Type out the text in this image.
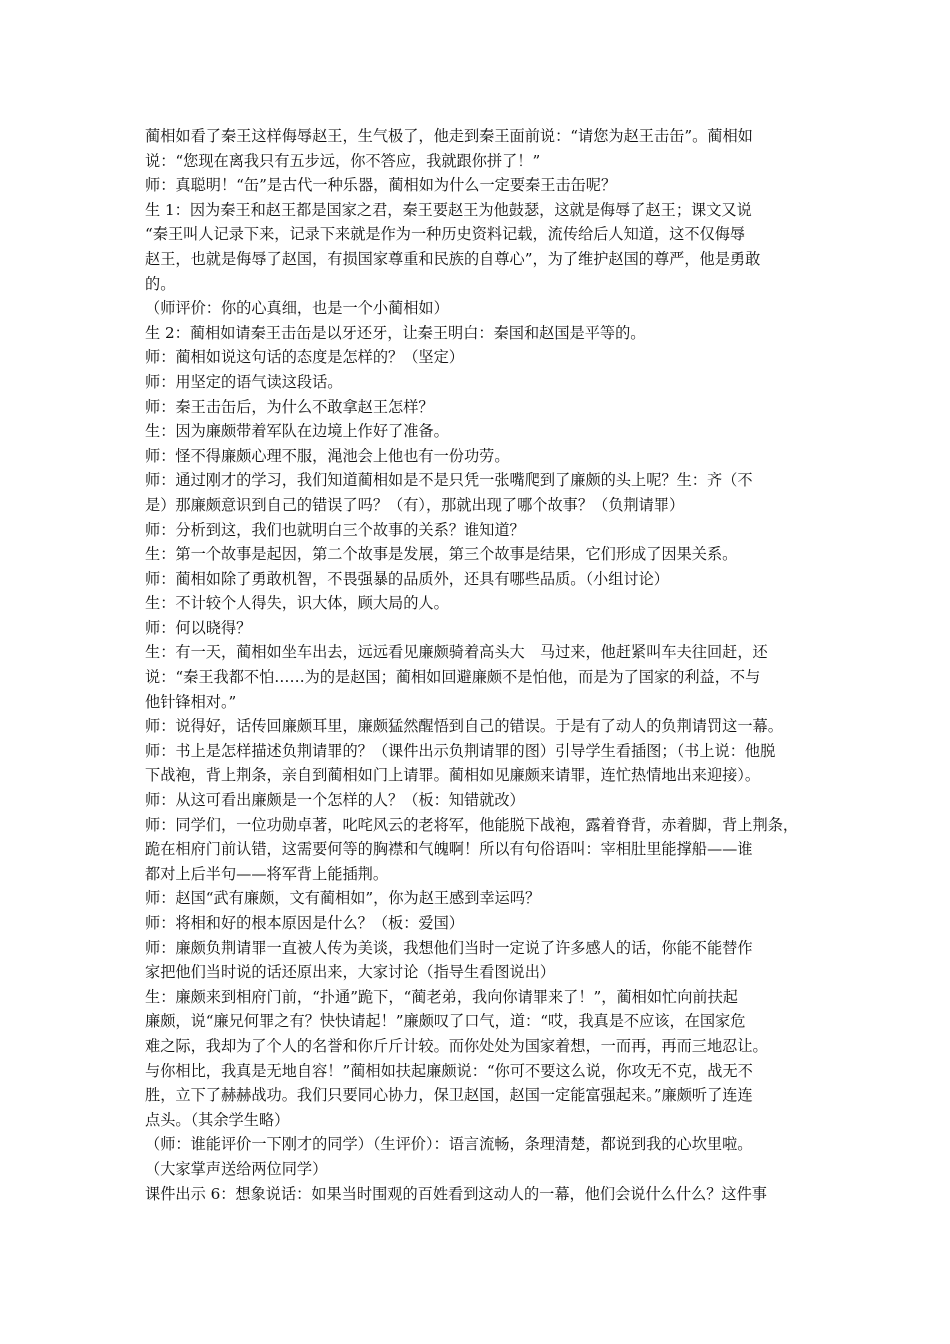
蔺相如看了秦王这样侮辱赵王，生气极了，他走到秦王面前说：“请您为赵王击缶”。蔺相如
说：“您现在离我只有五步远，你不答应，我就跟你拼了！”
师：真聪明！“缶”是古代一种乐器，蔺相如为什么一定要秦王击缶呢？
生 1：因为秦王和赵王都是国家之君，秦王要赵王为他鼓瑟，这就是侮辱了赵王；课文又说
“秦王叫人记录下来，记录下来就是作为一种历史资料记载，流传给后人知道，这不仅侮辱
赵王，也就是侮辱了赵国，有损国家尊重和民族的自尊心”，为了维护赵国的尊严，他是勇敢
的。
（师评价：你的心真细，也是一个小蔺相如）
生 2：蔺相如请秦王击缶是以牙还牙，让秦王明白：秦国和赵国是平等的。
师：蔺相如说这句话的态度是怎样的？（坚定）
师：用坚定的语气读这段话。
师：秦王击缶后，为什么不敢拿赵王怎样？
生：因为廉颇带着军队在边境上作好了准备。
师：怪不得廉颇心理不服，渑池会上他也有一份功劳。
师：通过刚才的学习，我们知道蔺相如是不是只凭一张嘴爬到了廉颇的头上呢？生：齐（不
是）那廉颇意识到自己的错误了吗？（有），那就出现了哪个故事？（负荆请罪）
师：分析到这，我们也就明白三个故事的关系？谁知道？
生：第一个故事是起因，第二个故事是发展，第三个故事是结果，它们形成了因果关系。
师：蔺相如除了勇敢机智，不畏强暴的品质外，还具有哪些品质。（小组讨论）
生：不计较个人得失，识大体，顾大局的人。
师：何以晓得？
生：有一天，蔺相如坐车出去，远远看见廉颇骑着高头大　马过来，他赶紧叫车夫往回赶，还
说：“秦王我都不怕……为的是赵国；蔺相如回避廉颇不是怕他，而是为了国家的利益，不与
他针锋相对。”
师：说得好，话传回廉颇耳里，廉颇猛然醒悟到自己的错误。于是有了动人的负荆请罚这一幕。
师：书上是怎样描述负荆请罪的？（课件出示负荆请罪的图）引导学生看插图；（书上说：他脱
下战袍，背上荆条，亲自到蔺相如门上请罪。蔺相如见廉颇来请罪，连忙热情地出来迎接）。
师：从这可看出廉颇是一个怎样的人？（板：知错就改）
师：同学们，一位功勋卓著，叱咤风云的老将军，他能脱下战袍，露着脊背，赤着脚，背上荆条，
跪在相府门前认错，这需要何等的胸襟和气魄啊！所以有句俗语叫：宰相肚里能撑船——谁
都对上后半句——将军背上能插荆。
师：赵国“武有廉颇，文有蔺相如”，你为赵王感到幸运吗？
师：将相和好的根本原因是什么？（板：爱国）
师：廉颇负荆请罪一直被人传为美谈，我想他们当时一定说了许多感人的话，你能不能替作
家把他们当时说的话还原出来，大家讨论（指导生看图说出）
生：廉颇来到相府门前，“扑通”跪下，“蔺老弟，我向你请罪来了！”，蔺相如忙向前扶起
廉颇，说“廉兄何罪之有？快快请起！”廉颇叹了口气，道：“哎，我真是不应该，在国家危
难之际，我却为了个人的名誉和你斤斤计较。而你处处为国家着想，一而再，再而三地忍让。
与你相比，我真是无地自容！”蔺相如扶起廉颇说：“你可不要这么说，你攻无不克，战无不
胜，立下了赫赫战功。我们只要同心协力，保卫赵国，赵国一定能富强起来。”廉颇听了连连
点头。（其余学生略）
（师：谁能评价一下刚才的同学）（生评价）：语言流畅，条理清楚，都说到我的心坎里啦。
（大家掌声送给两位同学）
课件出示 6：想象说话：如果当时围观的百姓看到这动人的一幕，他们会说什么什么？这件事
